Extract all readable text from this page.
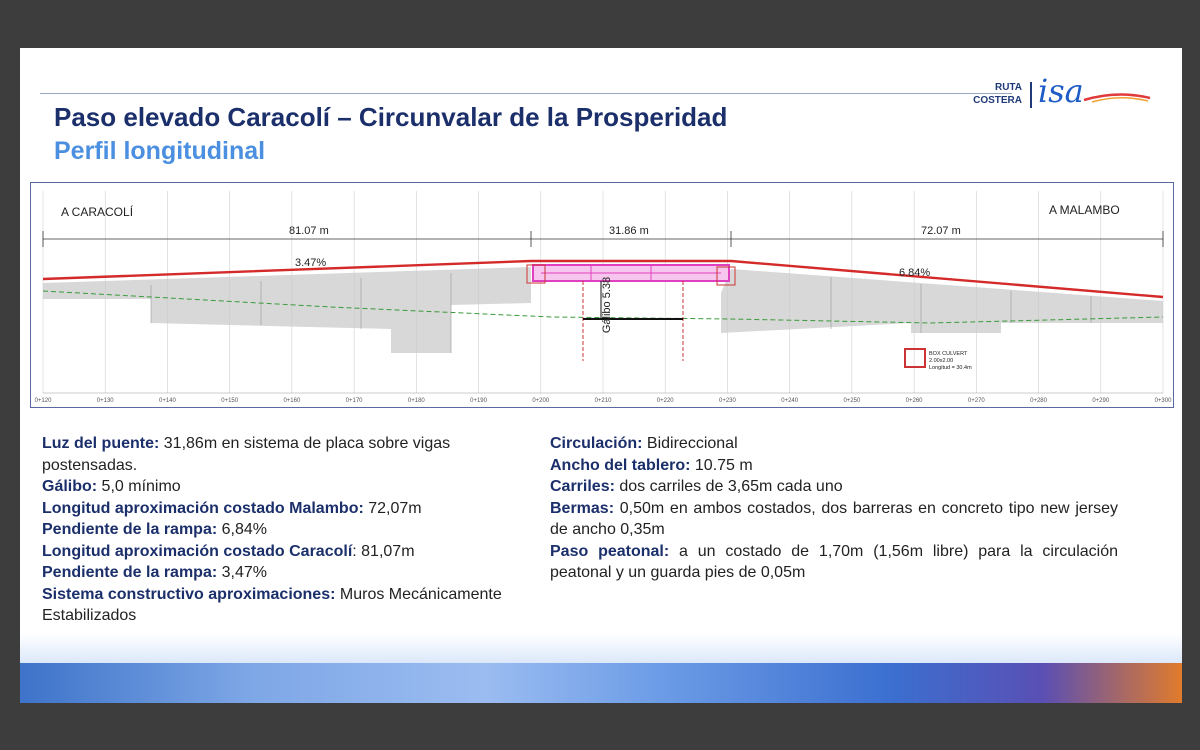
RUTA
COSTERA isa
Paso elevado Caracolí – Circunvalar de la Prosperidad
Perfil longitudinal
0+120	0+130	0+140	0+150	0+160	0+170	0+180	0+190	0+200	0+210	0+220	0+230	0+240	0+250	0+260	0+270	0+280	0+290	0+300
A CARACOLÍ	A MALAMBO
81.07 m	31.86 m	72.07 m
3.47%
6.84%
Gálibo 5.38
BOX CULVERT
2.00x2.00
Longitud = 30.4m

Luz del puente: 31,86m en sistema de placa sobre vigas postensadas.

Gálibo: 5,0 mínimo

Longitud aproximación costado Malambo: 72,07m

Pendiente de la rampa: 6,84%

Longitud aproximación costado Caracolí: 81,07m

Pendiente de la rampa: 3,47%

Sistema constructivo aproximaciones: Muros Mecánicamente Estabilizados

Circulación: Bidireccional

Ancho del tablero: 10.75 m

Carriles: dos carriles de 3,65m cada uno

Bermas: 0,50m en ambos costados, dos barreras en concreto tipo new jersey de ancho 0,35m

Paso peatonal: a un costado de 1,70m (1,56m libre) para la circulación peatonal y un guarda pies de 0,05m
